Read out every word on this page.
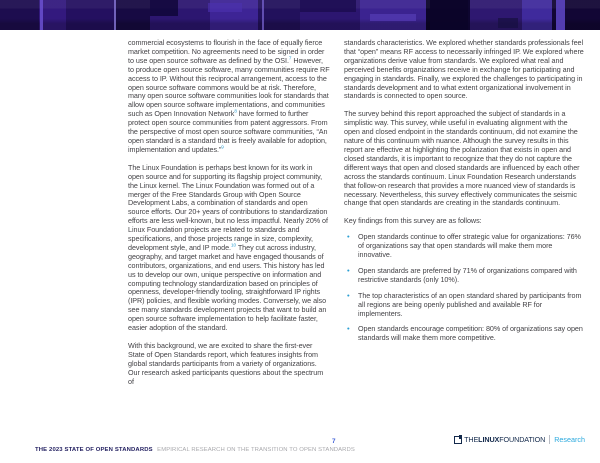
commercial ecosystems to flourish in the face of equally fierce market competition. No agreements need to be signed in order to use open source software as defined by the OSI.$^7$ However, to produce open source software, many communities require RF access to IP. Without this reciprocal arrangement, access to the open source software commons would be at risk. Therefore, many open source software communities look for standards that allow open source software implementations, and communities such as Open Innovation Network$^8$ have formed to further protect open source communities from patent aggressors. From the perspective of most open source software communities, “An open standard is a standard that is freely available for adoption, implementation and updates.”$^9$

The Linux Foundation is perhaps best known for its work in open source and for supporting its flagship project community, the Linux kernel. The Linux Foundation was formed out of a merger of the Free Standards Group with Open Source Development Labs, a combination of standards and open source efforts. Our 20+ years of contributions to standardization efforts are less well-known, but no less impactful. Nearly 20% of Linux Foundation projects are related to standards and specifications, and those projects range in size, complexity, development style, and IP mode.$^{10}$ They cut across industry, geography, and target market and have engaged thousands of contributors, organizations, and end users. This history has led us to develop our own, unique perspective on information and computing technology standardization based on principles of openness, developer-friendly tooling, straightforward IP rights (IPR) policies, and flexible working modes. Conversely, we also see many standards development projects that want to build an open source software implementation to help facilitate faster, easier adoption of the standard.

With this background, we are excited to share the first-ever State of Open Standards report, which features insights from global standards participants from a variety of organizations. Our research asked participants questions about the spectrum of

standards characteristics. We explored whether standards professionals feel that “open” means RF access to necessarily infringed IP. We explored where organizations derive value from standards. We explored what real and perceived benefits organizations receive in exchange for participating and engaging in standards. Finally, we explored the challenges to participating in standards development and to what extent organizational involvement in standards is connected to open source.

The survey behind this report approached the subject of standards in a simplistic way. This survey, while useful in evaluating alignment with the open and closed endpoint in the standards continuum, did not examine the nature of this continuum with nuance. Although the survey results in this report are effective at highlighting the polarization that exists in open and closed standards, it is important to recognize that they do not capture the different ways that open and closed standards are influenced by each other across the standards continuum. Linux Foundation Research understands that follow-on research that provides a more nuanced view of standards is necessary. Nevertheless, this survey effectively communicates the seismic change that open standards are creating in the standards continuum.

Key findings from this survey are as follows:

•	Open standards continue to offer strategic value for organizations: 76% of organizations say that open standards will make them more innovative.
•	Open standards are preferred by 71% of organizations compared with restrictive standards (only 10%).
•	The top characteristics of an open standard shared by participants from all regions are being openly published and available RF for implementers.
•	Open standards encourage competition: 80% of organizations say open standards will make them more competitive.
THE 2023 STATE OF OPEN STANDARDS EMPIRICAL RESEARCH ON THE TRANSITION TO OPEN STANDARDS
7	THELINUXFOUNDATION Research
